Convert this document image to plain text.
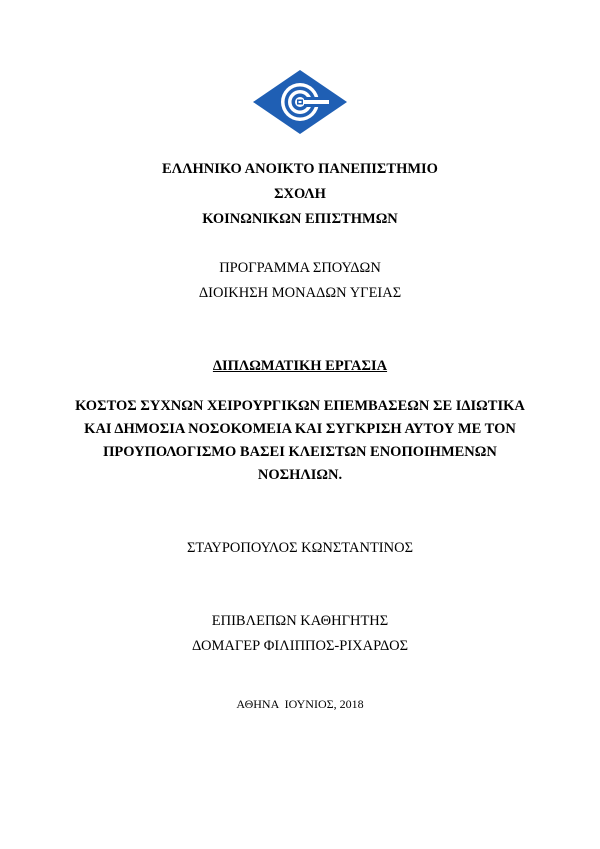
ΕΛΛΗΝΙΚΟ ΑΝΟΙΚΤΟ ΠΑΝΕΠΙΣΤΗΜΙΟ
ΣΧΟΛΗ
ΚΟΙΝΩΝΙΚΩΝ ΕΠΙΣΤΗΜΩΝ
ΠΡΟΓΡΑΜΜΑ ΣΠΟΥΔΩΝ
ΔΙΟΙΚΗΣΗ ΜΟΝΑΔΩΝ ΥΓΕΙΑΣ
ΔΙΠΛΩΜΑΤΙΚΗ ΕΡΓΑΣΙΑ
ΚΟΣΤΟΣ ΣΥΧΝΩΝ ΧΕΙΡΟΥΡΓΙΚΩΝ ΕΠΕΜΒΑΣΕΩΝ ΣΕ ΙΔΙΩΤΙΚΑ
ΚΑΙ ΔΗΜΟΣΙΑ ΝΟΣΟΚΟΜΕΙΑ ΚΑΙ ΣΥΓΚΡΙΣΗ ΑΥΤΟΥ ΜΕ ΤΟΝ
ΠΡΟΥΠΟΛΟΓΙΣΜΟ ΒΑΣΕΙ ΚΛΕΙΣΤΩΝ ΕΝΟΠΟΙΗΜΕΝΩΝ
ΝΟΣΗΛΙΩΝ.
ΣΤΑΥΡΟΠΟΥΛΟΣ ΚΩΝΣΤΑΝΤΙΝΟΣ
ΕΠΙΒΛΕΠΩΝ ΚΑΘΗΓΗΤΗΣ
ΔΟΜΑΓΕΡ ΦΙΛΙΠΠΟΣ-ΡΙΧΑΡΔΟΣ
ΑΘΗΝΑ  ΙΟΥΝΙΟΣ, 2018
